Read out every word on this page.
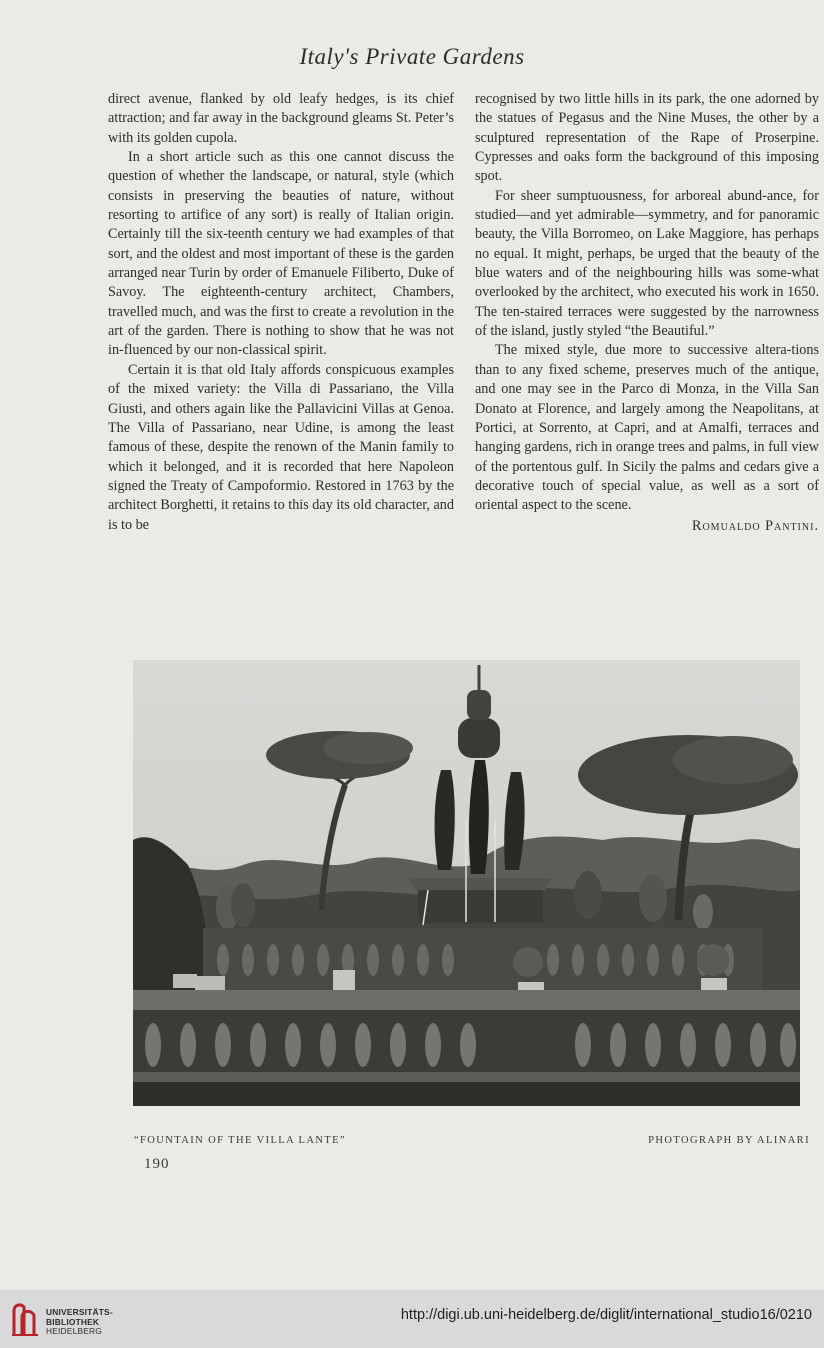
Italy's Private Gardens

direct avenue, flanked by old leafy hedges, is its chief attraction; and far away in the background gleams St. Peter’s with its golden cupola.

In a short article such as this one cannot discuss the question of whether the landscape, or natural, style (which consists in preserving the beauties of nature, without resorting to artifice of any sort) is really of Italian origin. Certainly till the six-teenth century we had examples of that sort, and the oldest and most important of these is the garden arranged near Turin by order of Emanuele Filiberto, Duke of Savoy. The eighteenth-century architect, Chambers, travelled much, and was the first to create a revolution in the art of the garden. There is nothing to show that he was not in-fluenced by our non-classical spirit.

Certain it is that old Italy affords conspicuous examples of the mixed variety: the Villa di Passariano, the Villa Giusti, and others again like the Pallavicini Villas at Genoa. The Villa of Passariano, near Udine, is among the least famous of these, despite the renown of the Manin family to which it belonged, and it is recorded that here Napoleon signed the Treaty of Campoformio. Restored in 1763 by the architect Borghetti, it retains to this day its old character, and is to be

recognised by two little hills in its park, the one adorned by the statues of Pegasus and the Nine Muses, the other by a sculptured representation of the Rape of Proserpine. Cypresses and oaks form the background of this imposing spot.

For sheer sumptuousness, for arboreal abund-ance, for studied—and yet admirable—symmetry, and for panoramic beauty, the Villa Borromeo, on Lake Maggiore, has perhaps no equal. It might, perhaps, be urged that the beauty of the blue waters and of the neighbouring hills was some-what overlooked by the architect, who executed his work in 1650. The ten-staired terraces were suggested by the narrowness of the island, justly styled “the Beautiful.”

The mixed style, due more to successive altera-tions than to any fixed scheme, preserves much of the antique, and one may see in the Parco di Monza, in the Villa San Donato at Florence, and largely among the Neapolitans, at Portici, at Sorrento, at Capri, and at Amalfi, terraces and hanging gardens, rich in orange trees and palms, in full view of the portentous gulf. In Sicily the palms and cedars give a decorative touch of special value, as well as a sort of oriental aspect to the scene.

Romualdo Pantini.
“FOUNTAIN OF THE VILLA LANTE”	PHOTOGRAPH BY ALINARI
190
UNIVERSITÄTS-
BIBLIOTHEK
HEIDELBERG
http://digi.ub.uni-heidelberg.de/diglit/international_studio16/0210
